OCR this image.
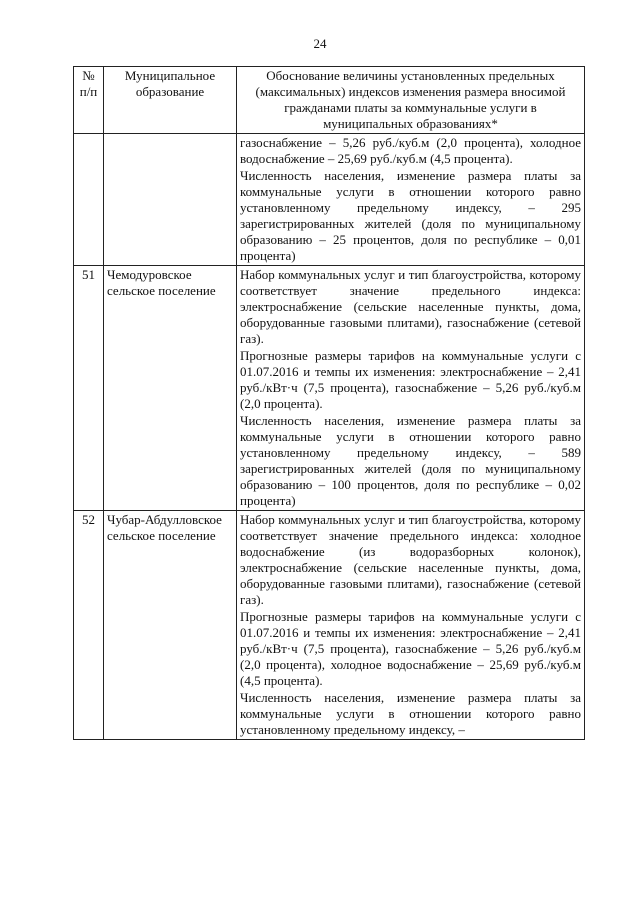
24
№ п/п	Муниципальное образование	Обоснование величины установленных предельных (максимальных) индексов изменения размера вносимой гражданами платы за коммунальные услуги в муниципальных образованиях*

		газоснабжение – 5,26 руб./куб.м (2,0 процента), холодное водоснабжение – 25,69 руб./куб.м (4,5 процента).

Численность населения, изменение размера платы за коммунальные услуги в отношении которого равно установленному предельному индексу, – 295 зарегистрированных жителей (доля по муниципальному образованию – 25 процентов, доля по республике – 0,01 процента)

51	Чемодуровское сельское поселение	Набор коммунальных услуг и тип благоустройства, которому соответствует значение предельного индекса: электроснабжение (сельские населенные пункты, дома, оборудованные газовыми плитами), газоснабжение (сетевой газ).

Прогнозные размеры тарифов на коммунальные услуги с 01.07.2016 и темпы их изменения: электроснабжение – 2,41 руб./кВт·ч (7,5 процента), газоснабжение – 5,26 руб./куб.м (2,0 процента).

Численность населения, изменение размера платы за коммунальные услуги в отношении которого равно установленному предельному индексу, – 589 зарегистрированных жителей (доля по муниципальному образованию – 100 процентов, доля по республике – 0,02 процента)

52	Чубар-Абдулловское сельское поселение	Набор коммунальных услуг и тип благоустройства, которому соответствует значение предельного индекса: холодное водоснабжение (из водоразборных колонок), электроснабжение (сельские населенные пункты, дома, оборудованные газовыми плитами), газоснабжение (сетевой газ).

Прогнозные размеры тарифов на коммунальные услуги с 01.07.2016 и темпы их изменения: электроснабжение – 2,41 руб./кВт·ч (7,5 процента), газоснабжение – 5,26 руб./куб.м (2,0 процента), холодное водоснабжение – 25,69 руб./куб.м (4,5 процента).

Численность населения, изменение размера платы за коммунальные услуги в отношении которого равно установленному предельному индексу, –
